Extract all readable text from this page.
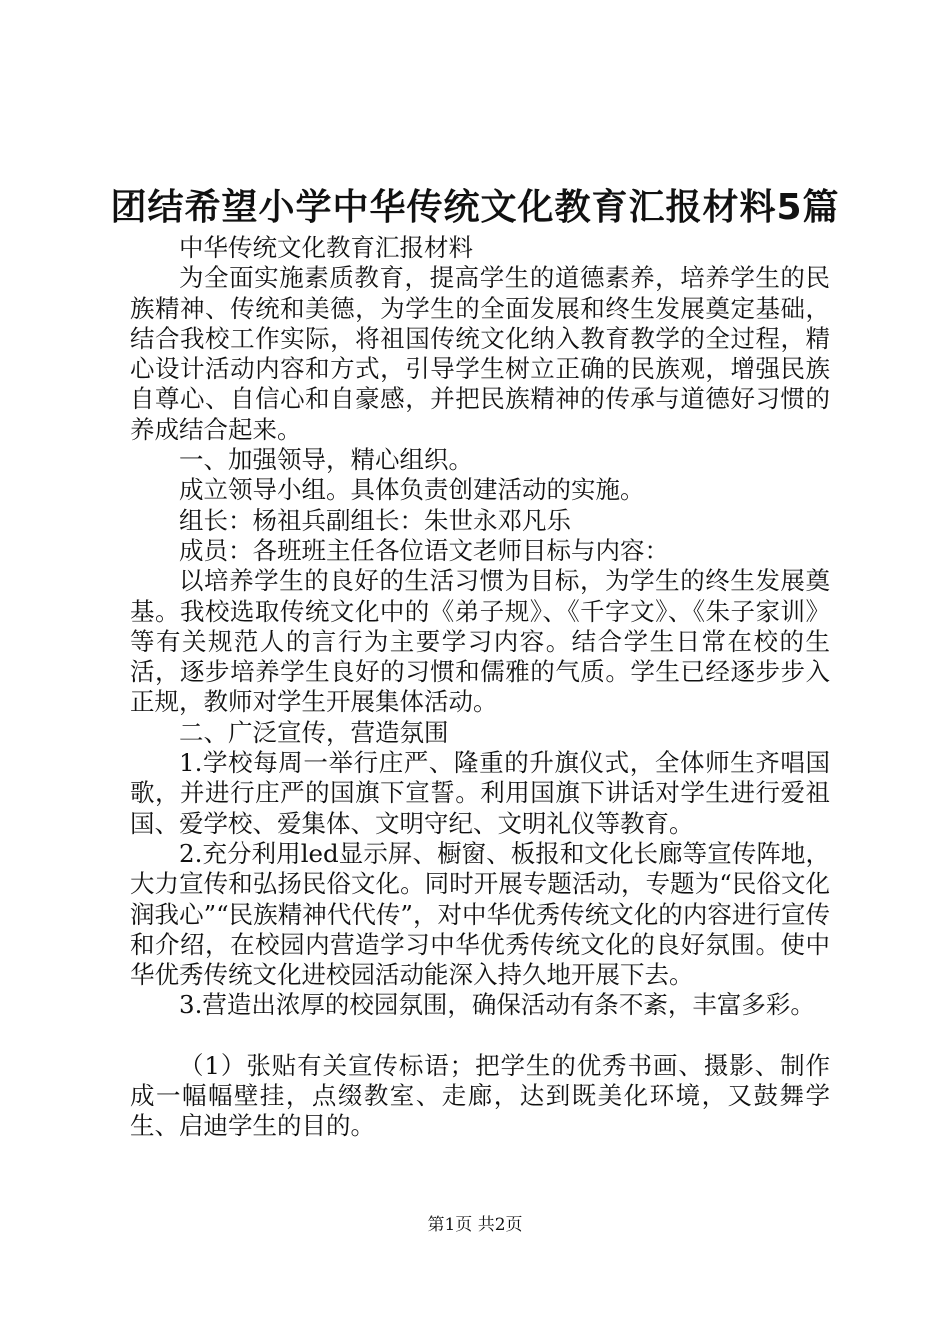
团结希望小学中华传统文化教育汇报材料5篇

中华传统文化教育汇报材料

为全面实施素质教育，提高学生的道德素养，培养学生的民族精神、传统和美德，为学生的全面发展和终生发展奠定基础，结合我校工作实际，将祖国传统文化纳入教育教学的全过程，精心设计活动内容和方式，引导学生树立正确的民族观，增强民族自尊心、自信心和自豪感，并把民族精神的传承与道德好习惯的养成结合起来。

一、加强领导，精心组织。

成立领导小组。具体负责创建活动的实施。

组长：杨祖兵副组长：朱世永邓凡乐

成员：各班班主任各位语文老师目标与内容：

以培养学生的良好的生活习惯为目标，为学生的终生发展奠基。我校选取传统文化中的《弟子规》、《千字文》、《朱子家训》等有关规范人的言行为主要学习内容。结合学生日常在校的生活，逐步培养学生良好的习惯和儒雅的气质。学生已经逐步步入正规，教师对学生开展集体活动。

二、广泛宣传，营造氛围

1.学校每周一举行庄严、隆重的升旗仪式，全体师生齐唱国歌，并进行庄严的国旗下宣誓。利用国旗下讲话对学生进行爱祖国、爱学校、爱集体、文明守纪、文明礼仪等教育。

2.充分利用led显示屏、橱窗、板报和文化长廊等宣传阵地，大力宣传和弘扬民俗文化。同时开展专题活动，专题为“民俗文化润我心”“民族精神代代传”，对中华优秀传统文化的内容进行宣传和介绍，在校园内营造学习中华优秀传统文化的良好氛围。使中华优秀传统文化进校园活动能深入持久地开展下去。

3.营造出浓厚的校园氛围，确保活动有条不紊，丰富多彩。

（1）张贴有关宣传标语；把学生的优秀书画、摄影、制作成一幅幅壁挂，点缀教室、走廊，达到既美化环境，又鼓舞学生、启迪学生的目的。

第1页 共2页
